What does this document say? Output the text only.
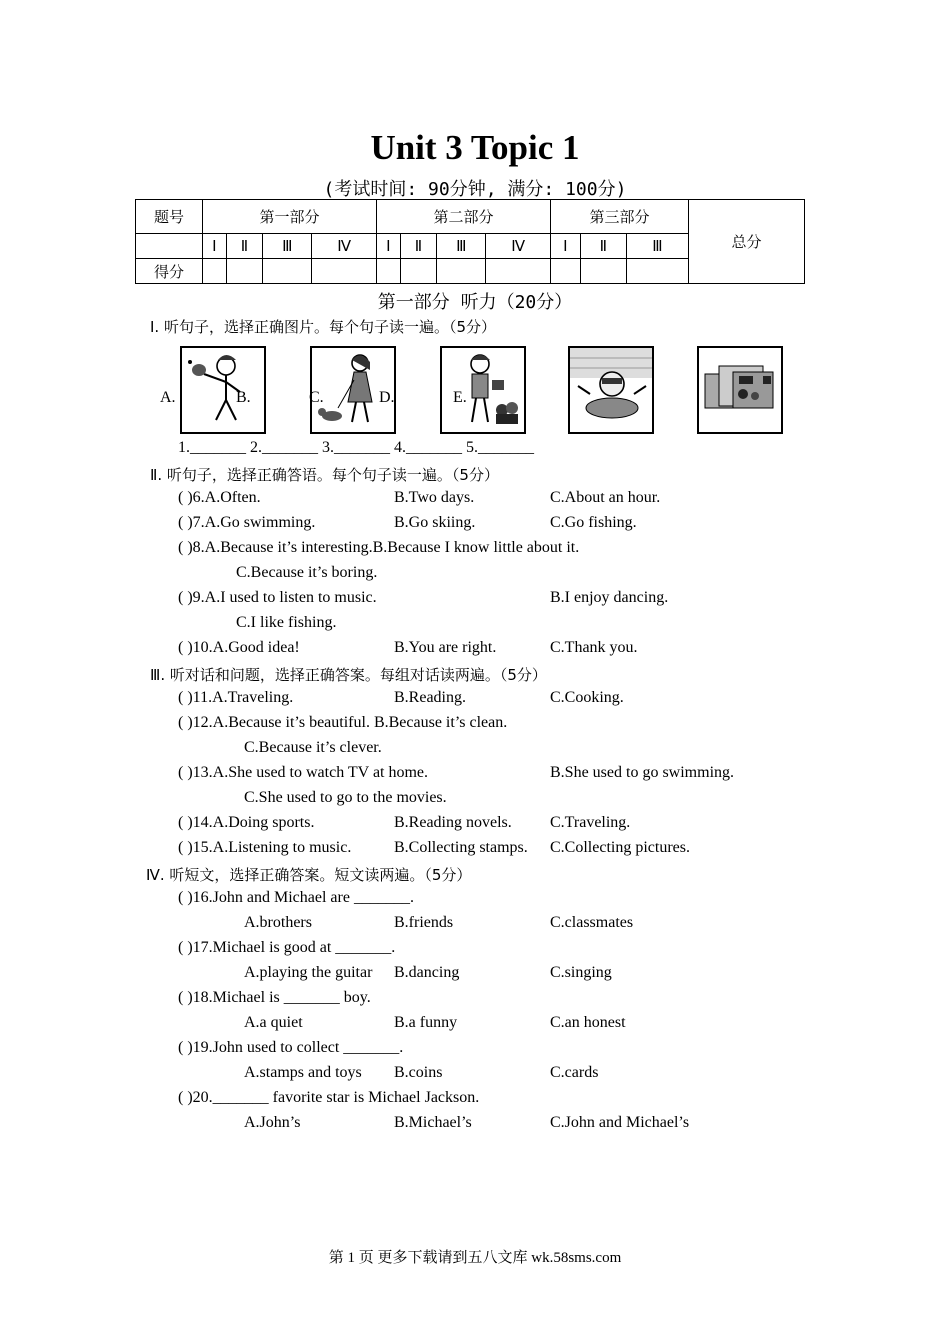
Unit 3 Topic 1
(考试时间: 90分钟, 满分: 100分)
题号	第一部分				第二部分				第三部分			总分
	Ⅰ	Ⅱ	Ⅲ	Ⅳ	Ⅰ	Ⅱ	Ⅲ	Ⅳ	Ⅰ	Ⅱ	Ⅲ	
得分												
第一部分 听力（20分）
Ⅰ. 听句子，选择正确图片。每个句子读一遍。（5分）
A.	B.	C.	D.	E.
1._______ 2._______ 3._______ 4._______ 5._______
Ⅱ. 听句子，选择正确答语。每个句子读一遍。（5分）
( )6.A.Often.	B.Two days.	C.About an hour.
( )7.A.Go swimming.	B.Go skiing.	C.Go fishing.
( )8.A.Because it’s interesting.B.Because I know little about it.
C.Because it’s boring.
( )9.A.I used to listen to music.	B.I enjoy dancing.
C.I like fishing.
( )10.A.Good idea!	B.You are right.	C.Thank you.
Ⅲ. 听对话和问题，选择正确答案。每组对话读两遍。（5分）
( )11.A.Traveling.	B.Reading.	C.Cooking.
( )12.A.Because it’s beautiful. B.Because it’s clean.
C.Because it’s clever.
( )13.A.She used to watch TV at home.	B.She used to go swimming.
C.She used to go to the movies.
( )14.A.Doing sports.	B.Reading novels. C.Traveling.
( )15.A.Listening to music.	B.Collecting stamps. C.Collecting pictures.
Ⅳ. 听短文，选择正确答案。短文读两遍。（5分）
( )16.John and Michael are _______.
A.brothers	B.friends	C.classmates
( )17.Michael is good at _______.
A.playing the guitar B.dancing	C.singing
( )18.Michael is _______ boy.
A.a quiet	B.a funny	C.an honest
( )19.John used to collect _______.
A.stamps and toys B.coins	C.cards
( )20._______ favorite star is Michael Jackson.
A.John’s	B.Michael’s	C.John and Michael’s
第 1 页 更多下载请到五八文库 wk.58sms.com
